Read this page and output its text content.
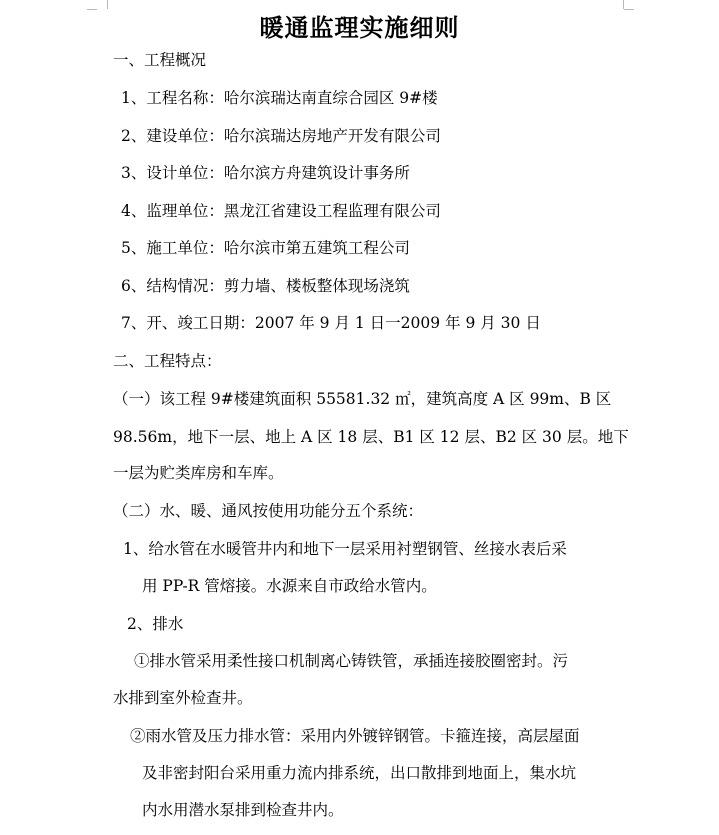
暖通监理实施细则
一、工程概况
1、工程名称：哈尔滨瑞达南直综合园区 9#楼
2、建设单位：哈尔滨瑞达房地产开发有限公司
3、设计单位：哈尔滨方舟建筑设计事务所
4、监理单位：黑龙江省建设工程监理有限公司
5、施工单位：哈尔滨市第五建筑工程公司
6、结构情况：剪力墙、楼板整体现场浇筑
7、开、竣工日期：2007 年 9 月 1 日一2009 年 9 月 30 日
二、工程特点：
（一）该工程 9#楼建筑面积 55581.32 ㎡，建筑高度 A 区 99m、B 区
98.56m，地下一层、地上 A 区 18 层、B1 区 12 层、B2 区 30 层。地下
一层为贮类库房和车库。
（二）水、暖、通风按使用功能分五个系统：
1、给水管在水暖管井内和地下一层采用衬塑钢管、丝接水表后采
用 PP-R 管熔接。水源来自市政给水管内。
2、排水
①排水管采用柔性接口机制离心铸铁管，承插连接胶圈密封。污
水排到室外检查井。
②雨水管及压力排水管：采用内外镀锌钢管。卡箍连接，高层屋面
及非密封阳台采用重力流内排系统，出口散排到地面上，集水坑
内水用潜水泵排到检查井内。
